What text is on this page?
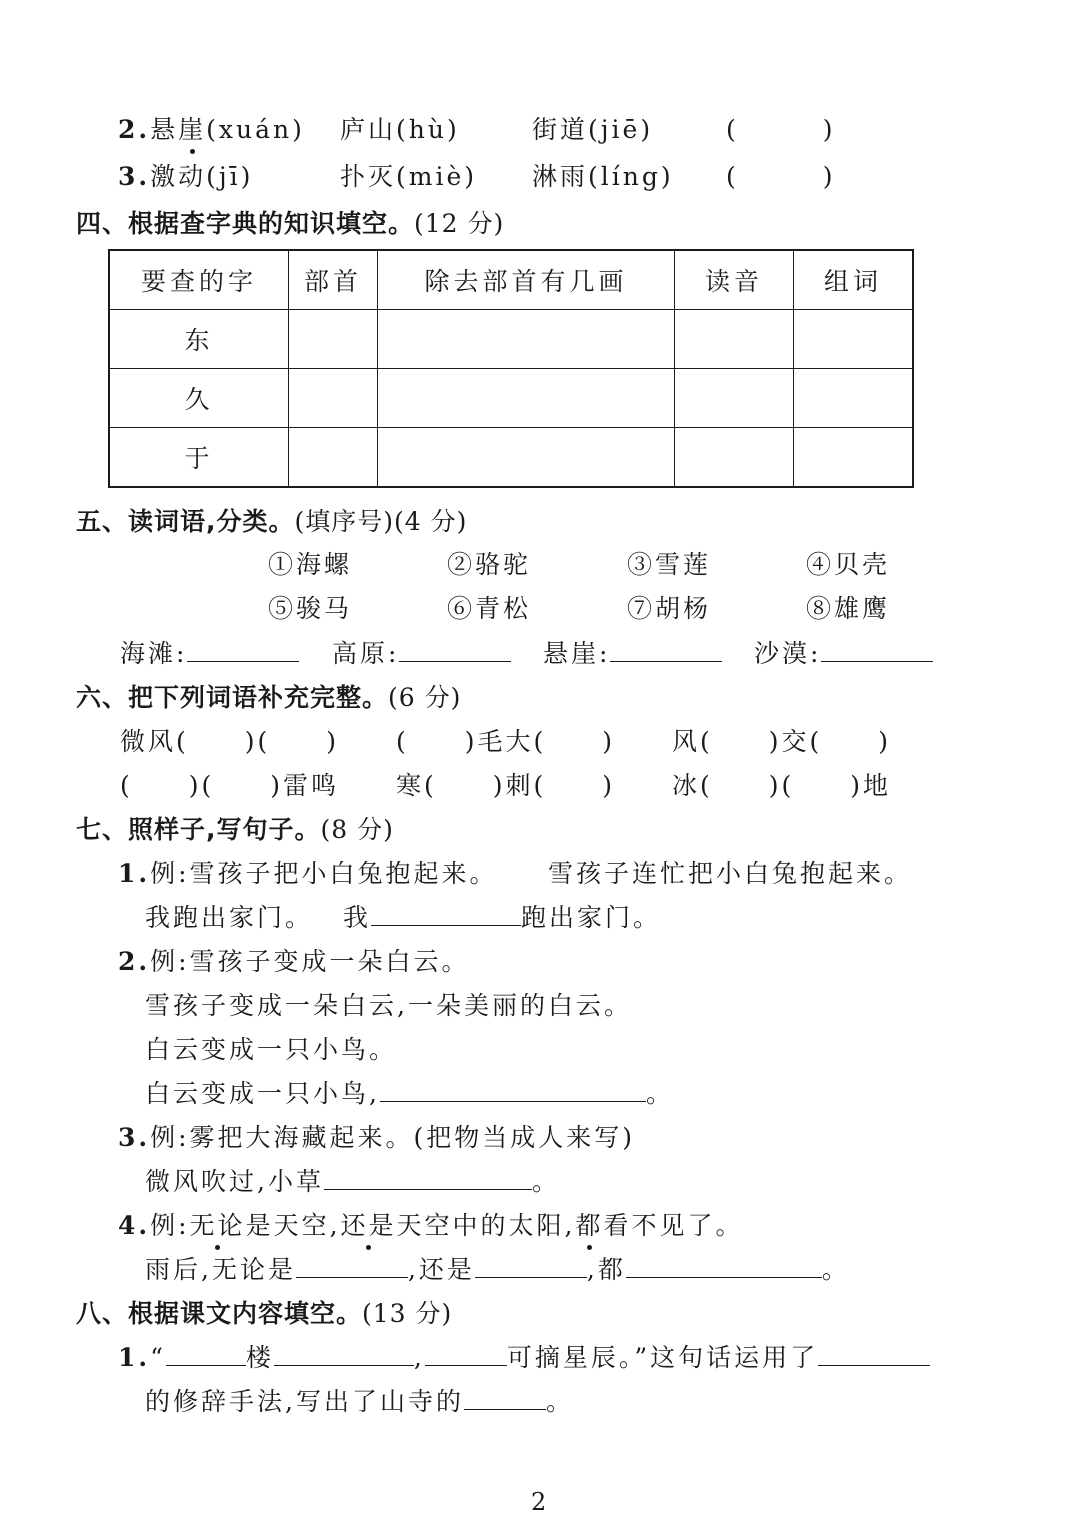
2.悬崖(xuán) 庐山(hù)	街道(jiē)	(　　　)
3.激动(jī)	扑灭(miè) 淋雨(líng) (　　　)
四、根据查字典的知识填空。(12 分)
要查的字	部首	除去部首有几画	读音	组词
东				
久				
于				
五、读词语,分类。(填序号)(4 分)
①海螺	②骆驼	③雪莲	④贝壳
⑤骏马	⑥青松	⑦胡杨	⑧雄鹰
海滩:	高原:	悬崖:	沙漠:
六、把下列词语补充完整。(6 分)
微风(　　)(　　) (　　)毛大(　　) 风(　　)交(　　)
(　　)(　　)雷鸣 寒(　　)刺(　　) 冰(　　)(　　)地
七、照样子,写句子。(8 分)
1.例:雪孩子把小白兔抱起来。 雪孩子连忙把小白兔抱起来。
我跑出家门。 我	跑出家门。
2.例:雪孩子变成一朵白云。
雪孩子变成一朵白云,一朵美丽的白云。
白云变成一只小鸟。
白云变成一只小鸟,	。
3.例:雾把大海藏起来。(把物当成人来写)
微风吹过,小草	。
4.例:无论是天空,还是天空中的太阳,都看不见了。
雨后,无论是	,还是	,都	。
八、根据课文内容填空。(13 分)
1.“	楼	,	可摘星辰。”这句话运用了
的修辞手法,写出了山寺的	。
2
